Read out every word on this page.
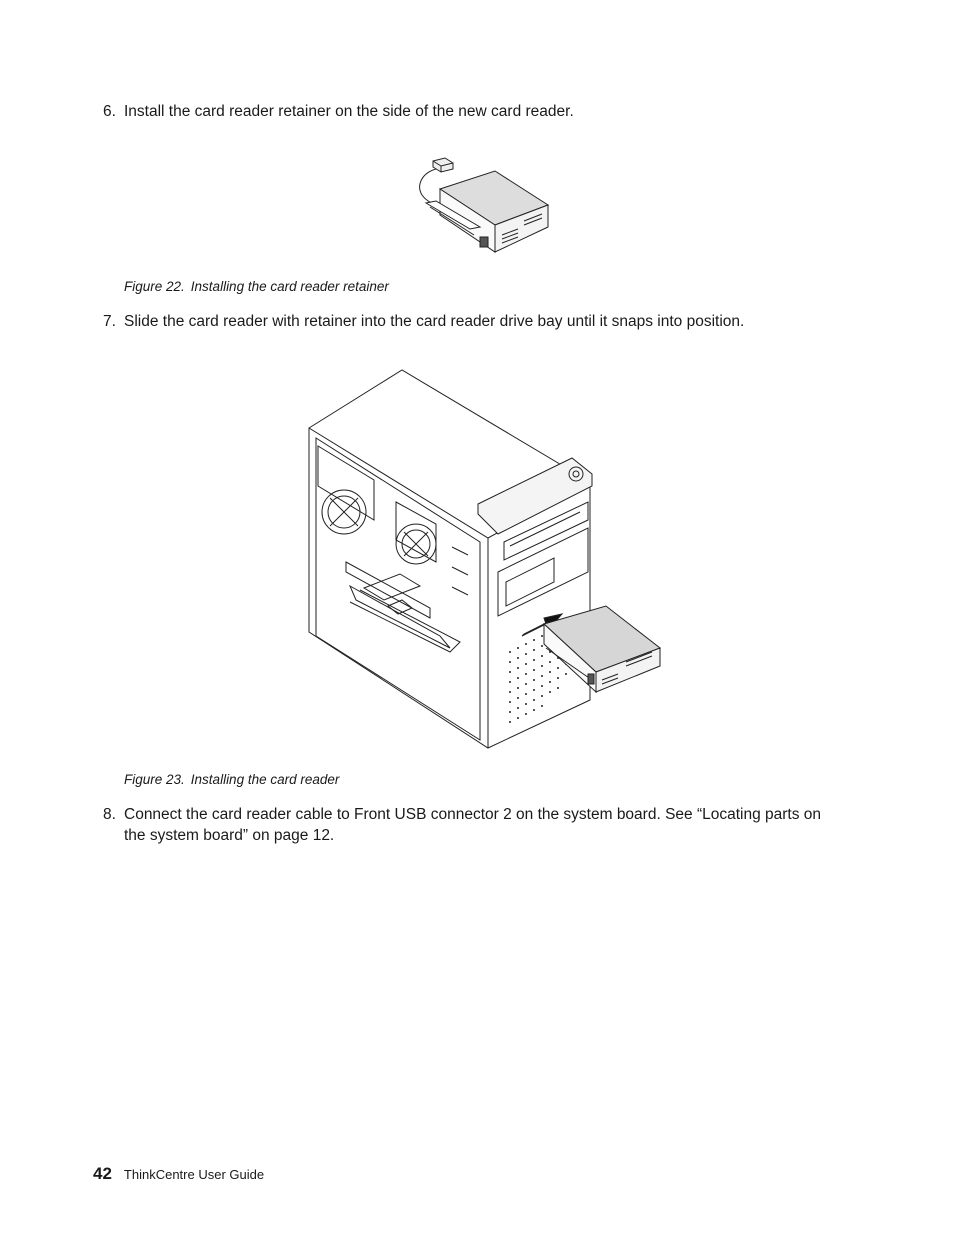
6. Install the card reader retainer on the side of the new card reader.
Figure 22. Installing the card reader retainer
7. Slide the card reader with retainer into the card reader drive bay until it snaps into position.
Figure 23. Installing the card reader
8. Connect the card reader cable to Front USB connector 2 on the system board. See “Locating parts on the system board” on page 12.
42 ThinkCentre User Guide
